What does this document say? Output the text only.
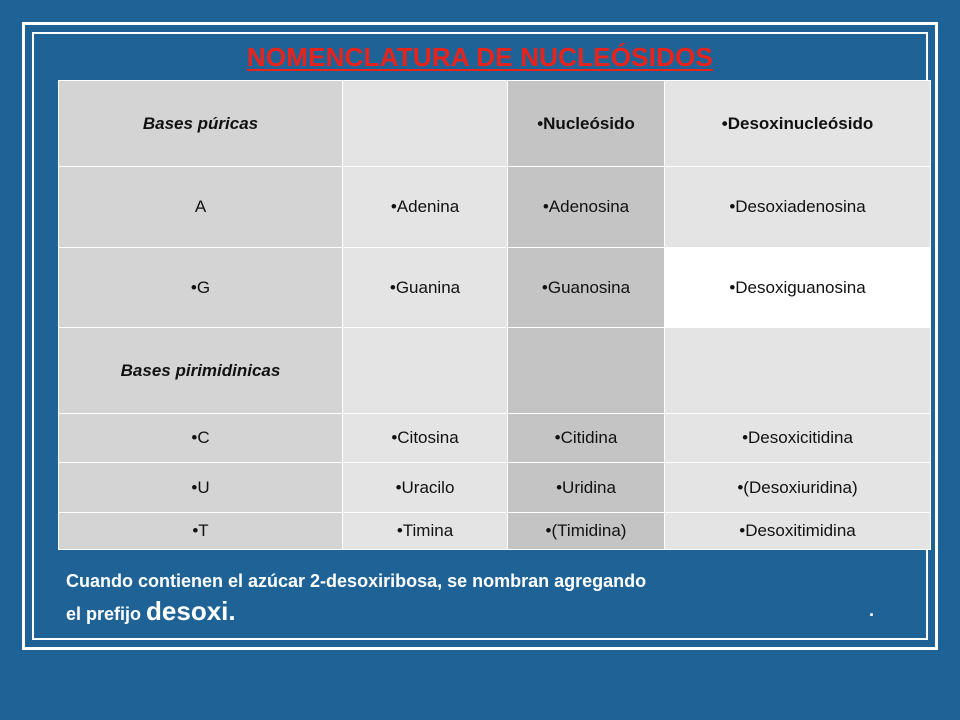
NOMENCLATURA DE NUCLEÓSIDOS
Bases púricas		•Nucleósido	•Desoxinucleósido
A	•Adenina	•Adenosina	•Desoxiadenosina
•G	•Guanina	•Guanosina	•Desoxiguanosina
Bases pirimidinicas			
•C	•Citosina	•Citidina	•Desoxicitidina
•U	•Uracilo	•Uridina	•(Desoxiuridina)
•T	•Timina	•(Timidina)	•Desoxitimidina
Cuando contienen el azúcar 2-desoxiribosa, se nombran agregando
el prefijo desoxi.	.
